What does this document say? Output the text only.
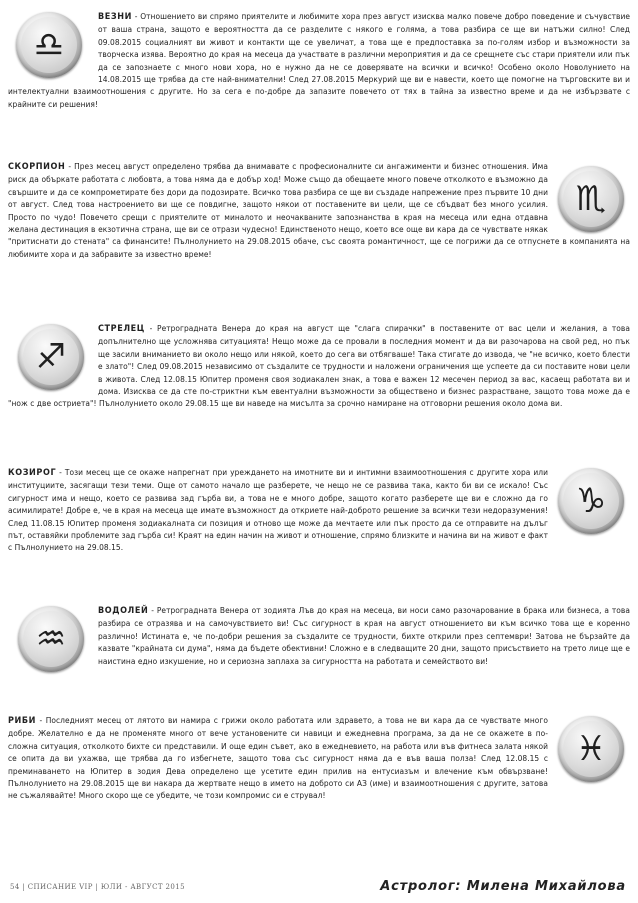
♎
ВЕЗНИ - Отношението ви спрямо приятелите и любимите хора през август изисква малко повече добро поведение и съчувствие от ваша страна, защото е вероятността да се разделите с някого е голяма, а това разбира се ще ви натъжи силно! След 09.08.2015 социалният ви живот и контакти ще се увеличат, а това ще е предпоставка за по-голям избор и възможности за творческа изява. Вероятно до края на месеца да участвате в различни мероприятия и да се срещнете със стари приятели или пък да се запознаете с много нови хора, но е нужно да не се доверявате на всички и всичко! Особено около Новолунието на 14.08.2015 ще трябва да сте най-внимателни! След 27.08.2015 Меркурий ще ви е навести, което ще помогне на търговските ви и интелектуални взаимоотношения с другите. Но за сега е по-добре да запазите повечето от тях в тайна за известно време и да не избързвате с крайните си решения!
♏
СКОРПИОН - През месец август определено трябва да внимавате с професионалните си ангажименти и бизнес отношения. Има риск да объркате работата с любовта, а това няма да е добър ход! Може също да обещаете много повече отколкото е възможно да свършите и да се компрометирате без дори да подозирате. Всичко това разбира се ще ви създаде напрежение през първите 10 дни от август. След това настроението ви ще се повдигне, защото някои от поставените ви цели, ще се сбъдват без много усилия. Просто по чудо! Повечето срещи с приятелите от миналото и неочакваните запознанства в края на месеца или една отдавна желана дестинация в екзотична страна, ще ви се отрази чудесно! Единственото нещо, което все още ви кара да се чувствате някак "притиснати до стената" са финансите! Пълнолунието на 29.08.2015 обаче, със своята романтичност, ще се погрижи да се отпуснете в компанията на любимите хора и да забравите за известно време!
♐
СТРЕЛЕЦ - Ретроградната Венера до края на август ще "слага спирачки" в поставените от вас цели и желания, а това допълнително ще усложнява ситуацията! Нещо може да се провали в последния момент и да ви разочарова на свой ред, но пък ще засили вниманието ви около нещо или някой, което до сега ви отбягваше! Така стигате до извода, че "не всичко, което блести е злато"! След 09.08.2015 независимо от създалите се трудности и наложени ограничения ще успеете да си поставите нови цели в живота. След 12.08.15 Юпитер променя своя зодиакален знак, а това е важен 12 месечен период за вас, касаещ работата ви и дома. Изисква се да сте по-стриктни към евентуални възможности за обществено и бизнес разрастване, защото това може да е "нож с две остриета"! Пълнолунието около 29.08.15 ще ви наведе на мисълта за срочно намиране на отговорни решения около дома ви.
♑
КОЗИРОГ - Този месец ще се окаже напрегнат при уреждането на имотните ви и интимни взаимоотношения с другите хора или институциите, засягащи тези теми. Още от самото начало ще разберете, че нещо не се развива така, както би ви се искало! Със сигурност има и нещо, което се развива зад гърба ви, а това не е много добре, защото когато разберете ще ви е сложно да го асимилирате! Добре е, че в края на месеца ще имате възможност да откриете най-доброто решение за всички тези недоразумения! След 11.08.15 Юпитер променя зодиакалната си позиция и отново ще може да мечтаете или пък просто да се отправите на дълъг път, оставяйки проблемите зад гърба си! Краят на един начин на живот и отношение, спрямо близките и начина ви на живот е факт с Пълнолунието на 29.08.15.
♒
ВОДОЛЕЙ - Ретроградната Венера от зодията Лъв до края на месеца, ви носи само разочарование в брака или бизнеса, а това разбира се отразява и на самочувствието ви! Със сигурност в края на август отношението ви към всичко това ще е коренно различно! Истината е, че по-добри решения за създалите се трудности, бихте открили през септември! Затова не бързайте да казвате "крайната си дума", няма да бъдете обективни! Сложно е в следващите 20 дни, защото присъствието на трето лице ще е наистина едно изкушение, но и сериозна заплаха за сигурността на работата и семейството ви!
♓
РИБИ - Последният месец от лятото ви намира с грижи около работата или здравето, а това не ви кара да се чувствате много добре. Желателно е да не променяте много от вече установените си навици и ежедневна програма, за да не се окажете в по-сложна ситуация, отколкото бихте си представили. И още един съвет, ако в ежедневието, на работа или във фитнеса залата някой се опита да ви ухажва, ще трябва да го избегнете, защото това със сигурност няма да е във ваша полза! След 12.08.15 с преминаването на Юпитер в зодия Дева определено ще усетите един прилив на ентусиазъм и влечение към обвързване! Пълнолунието на 29.08.2015 ще ви накара да жертвате нещо в името на доброто си АЗ (име) и взаимоотношения с другите, затова не съжалявайте! Много скоро ще се убедите, че този компромис си е струвал!
54 | СПИСАНИЕ VIP | ЮЛИ - АВГУСТ 2015	Астролог: Милена Михайлова
